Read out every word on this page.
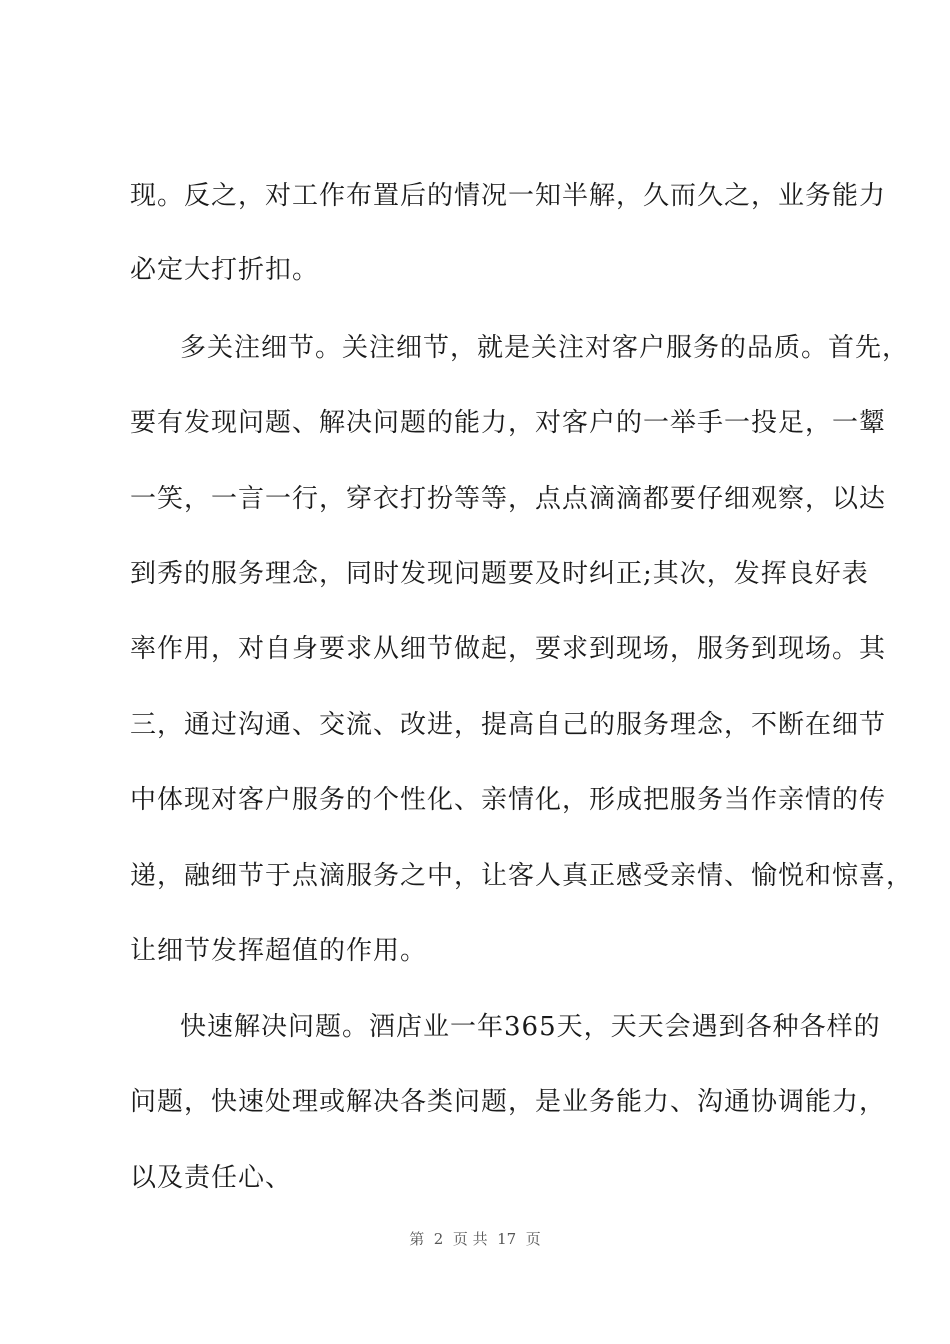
现。反之，对工作布置后的情况一知半解，久而久之，业务能力
必定大打折扣。
多关注细节。关注细节，就是关注对客户服务的品质。首先，
要有发现问题、解决问题的能力，对客户的一举手一投足，一颦
一笑，一言一行，穿衣打扮等等，点点滴滴都要仔细观察，以达
到秀的服务理念，同时发现问题要及时纠正;其次，发挥良好表
率作用，对自身要求从细节做起，要求到现场，服务到现场。其
三，通过沟通、交流、改进，提高自己的服务理念，不断在细节
中体现对客户服务的个性化、亲情化，形成把服务当作亲情的传
递，融细节于点滴服务之中，让客人真正感受亲情、愉悦和惊喜，
让细节发挥超值的作用。
快速解决问题。酒店业一年365天，天天会遇到各种各样的
问题，快速处理或解决各类问题，是业务能力、沟通协调能力，
以及责任心、
第  2  页 共  17  页
